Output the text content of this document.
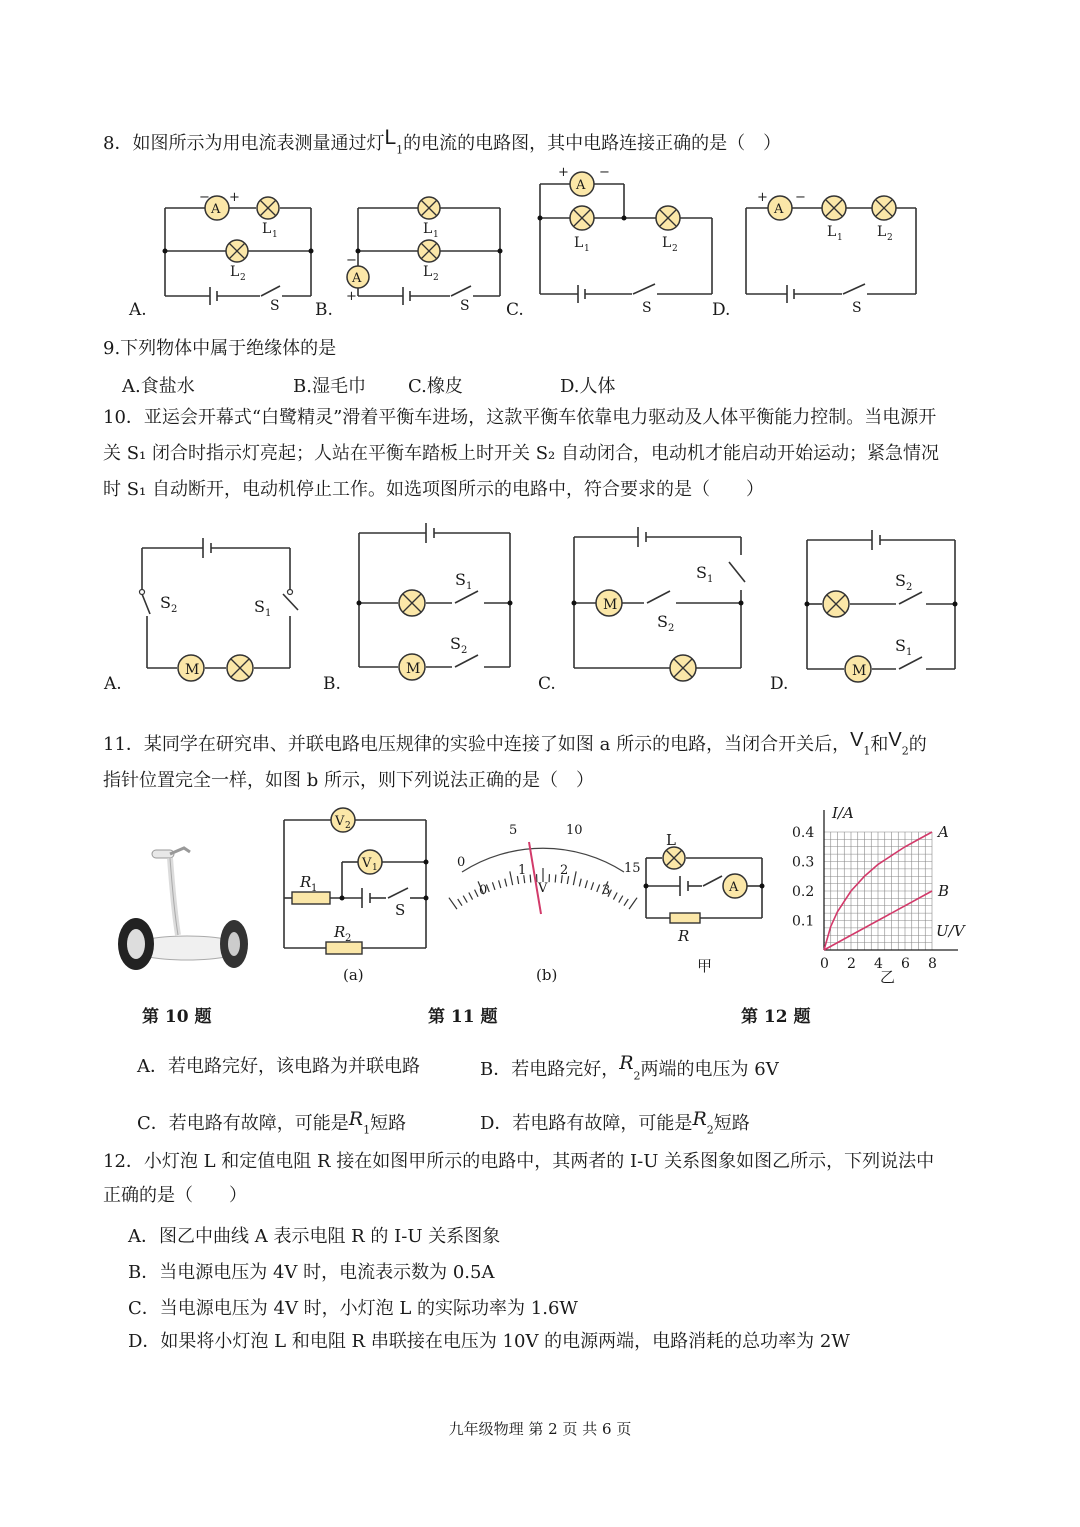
8．如图所示为用电流表测量通过灯$L_1$的电流的电路图，其中电路连接正确的是（　）
A
− +
L 1
L 2
S
L 1
L 2
A
−
+
S
A
+ −
L 1	L 2
S
A
+ −
L 1 L 2
S
A.	B.	C.	D.
9.下列物体中属于绝缘体的是
A.食盐水	B.湿毛巾 C.橡皮	D.人体
10．亚运会开幕式“白鹭精灵”滑着平衡车进场，这款平衡车依靠电力驱动及人体平衡能力控制。当电源开
关 S₁ 闭合时指示灯亮起；人站在平衡车踏板上时开关 S₂ 自动闭合，电动机才能启动开始运动；紧急情况
时 S₁ 自动断开，电动机停止工作。如选项图所示的电路中，符合要求的是（　　）
M
S 2	S 1
M
S 1
S 2
M
S 1
S 2
M
S 2
S 1
A.	B.	C.	D.
11．某同学在研究串、并联电路电压规律的实验中连接了如图 a 所示的电路，当闭合开关后，$V_1$和$V_2$的
指针位置完全一样，如图 b 所示，则下列说法正确的是（　）
V 2
V 1
R 1
R 2
S
(a)
0
5	10
15
0
1	2
3
V
(b)
L
A
R
甲
A
B
0 2 4 6 8
0.1
0.2
0.3
0.4
I/A
U/V
乙
第 10 题	第 11 题	第 12 题
A．若电路完好，该电路为并联电路	B．若电路完好，$R_2$两端的电压为 6V
C．若电路有故障，可能是$R_1$短路	D．若电路有故障，可能是$R_2$短路
12．小灯泡 L 和定值电阻 R 接在如图甲所示的电路中，其两者的 I-U 关系图象如图乙所示，下列说法中
正确的是（　　）
A．图乙中曲线 A 表示电阻 R 的 I-U 关系图象
B．当电源电压为 4V 时，电流表示数为 0.5A
C．当电源电压为 4V 时，小灯泡 L 的实际功率为 1.6W
D．如果将小灯泡 L 和电阻 R 串联接在电压为 10V 的电源两端，电路消耗的总功率为 2W
九年级物理 第 2 页 共 6 页
